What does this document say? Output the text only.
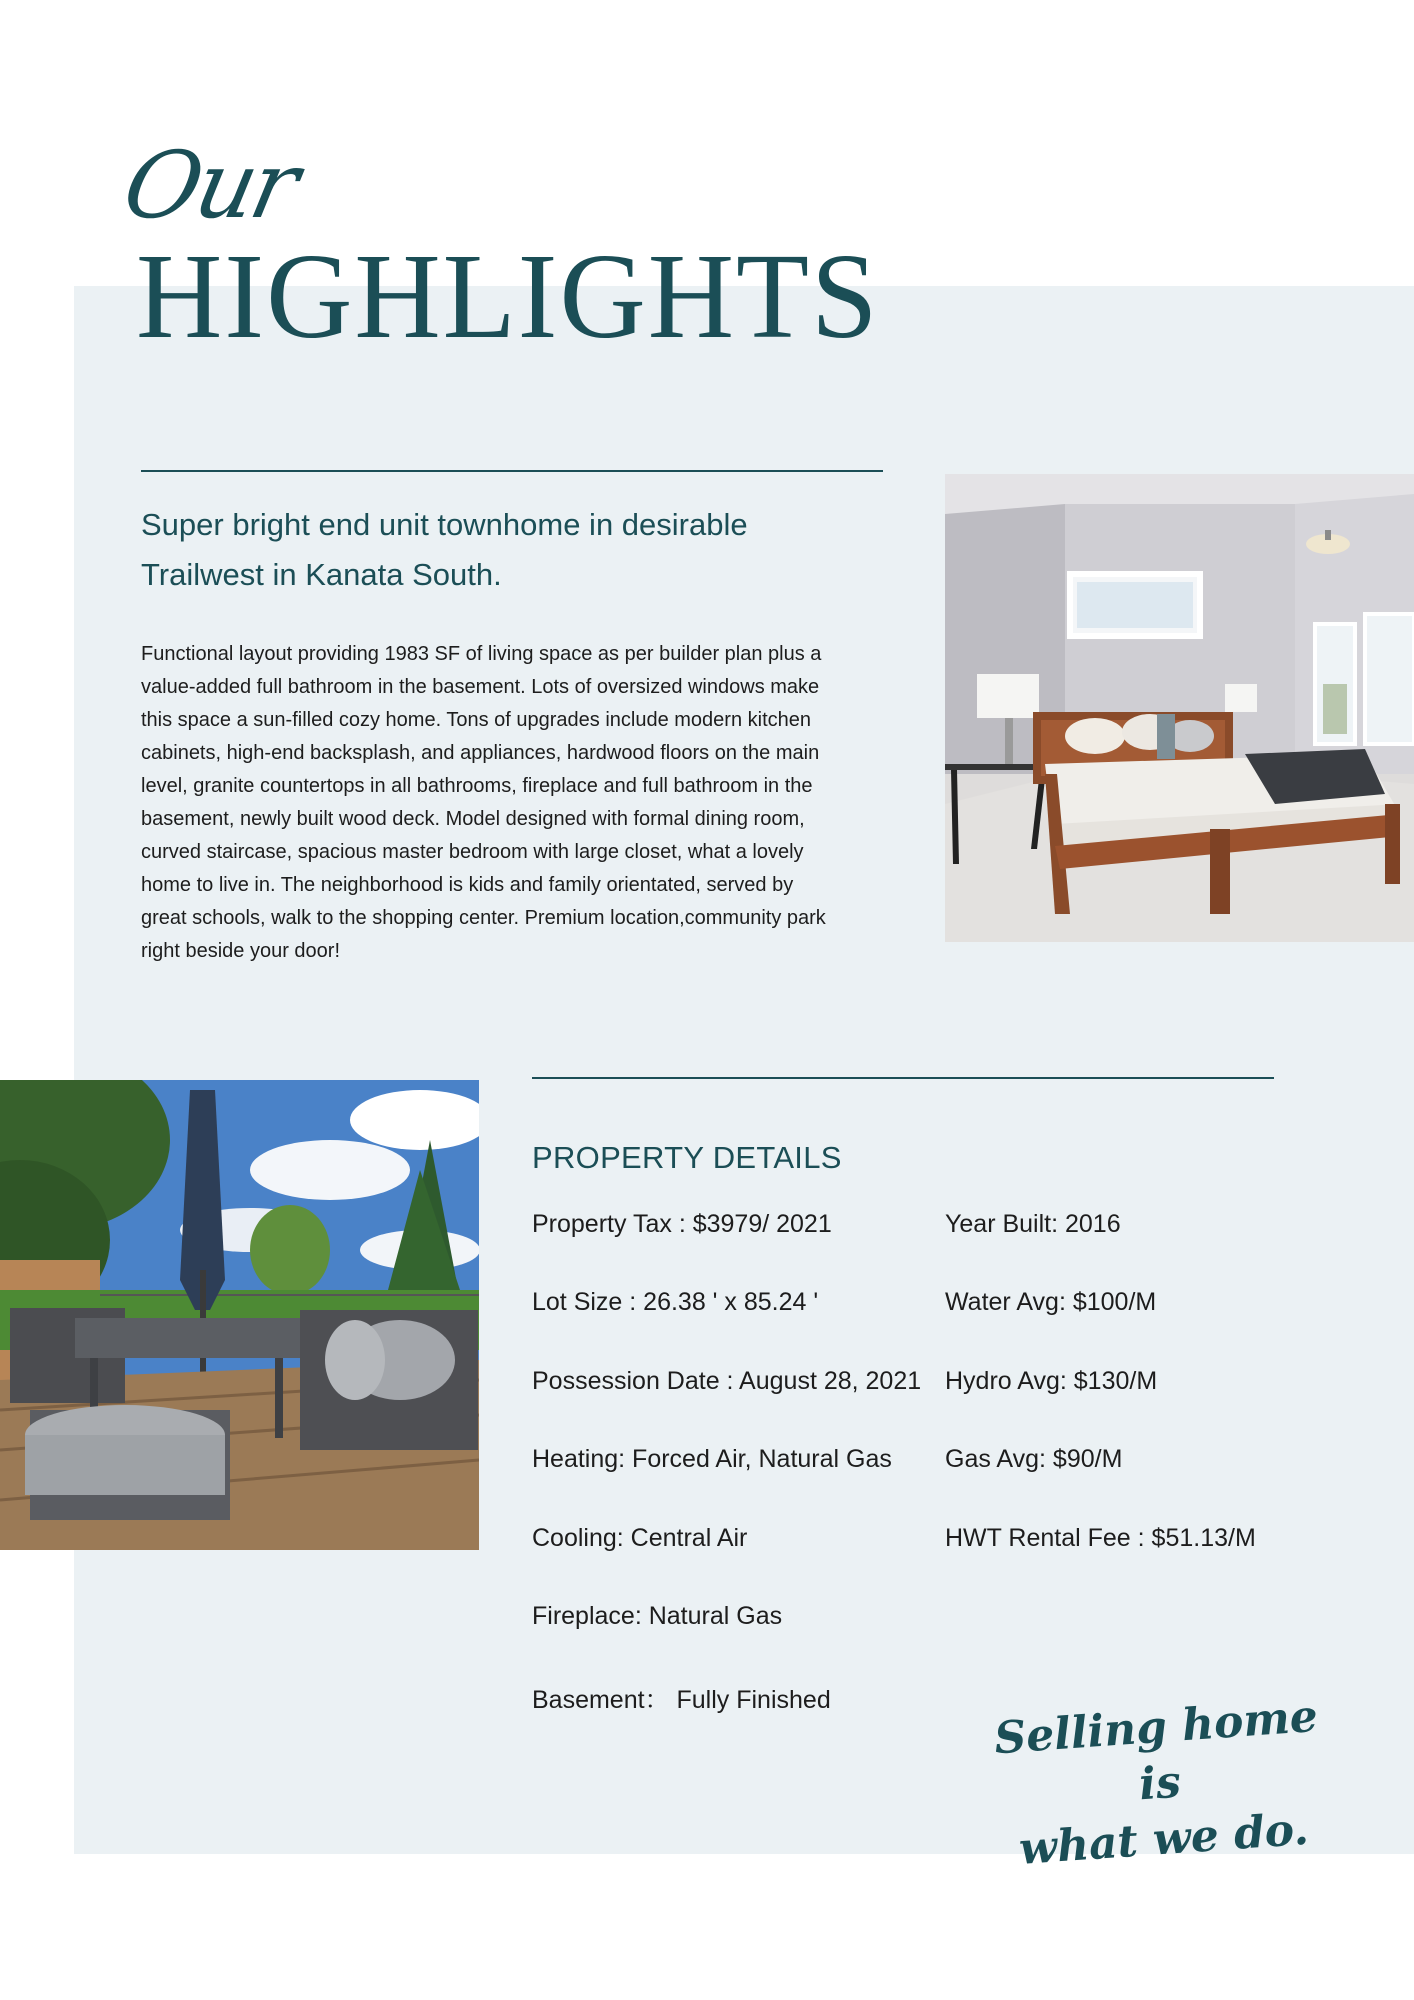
Our
HIGHLIGHTS
Super bright end unit townhome in desirable Trailwest in Kanata South.

Functional layout providing 1983 SF of living space as per builder plan plus a value-added full bathroom in the basement. Lots of oversized windows make this space a sun-filled cozy home. Tons of upgrades include modern kitchen cabinets, high-end backsplash, and appliances, hardwood floors on the main level, granite countertops in all bathrooms, fireplace and full bathroom in the basement, newly built wood deck. Model designed with formal dining room, curved staircase, spacious master bedroom with large closet, what a lovely home to live in. The neighborhood is kids and family orientated, served by great schools, walk to the shopping center. Premium location,community park right beside your door!

PROPERTY DETAILS
Property Tax : $3979/ 2021
Lot Size : 26.38 ' x 85.24 '
Possession Date : August 28, 2021
Heating: Forced Air, Natural Gas
Cooling: Central Air
Fireplace: Natural Gas
Basement： Fully Finished
Year Built: 2016
Water Avg: $100/M
Hydro Avg: $130/M
Gas Avg: $90/M
HWT Rental Fee : $51.13/M
Selling home is
what we do.
